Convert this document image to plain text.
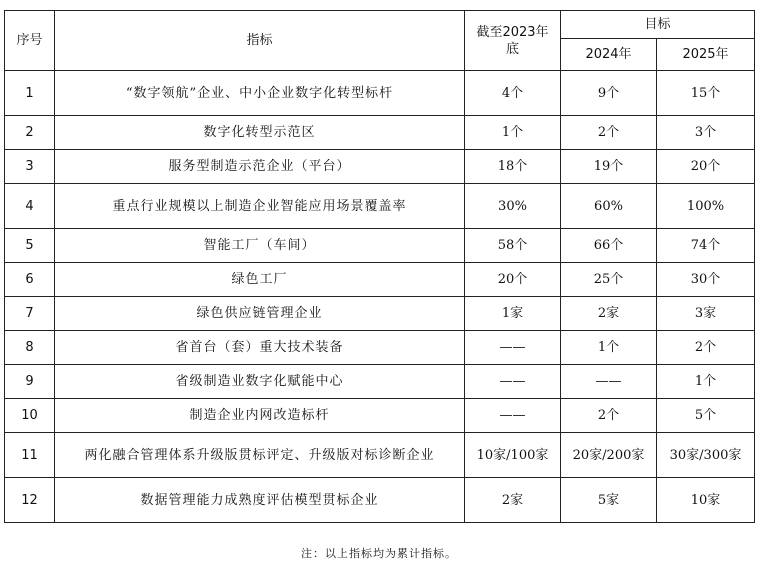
序号	指标	截至2023年底	目标	
			2024年	2025年
1	“数字领航”企业、中小企业数字化转型标杆	4个	9个	15个
2	数字化转型示范区	1个	2个	3个
3	服务型制造示范企业（平台）	18个	19个	20个
4	重点行业规模以上制造企业智能应用场景覆盖率	30%	60%	100%
5	智能工厂（车间）	58个	66个	74个
6	绿色工厂	20个	25个	30个
7	绿色供应链管理企业	1家	2家	3家
8	省首台（套）重大技术装备	——	1个	2个
9	省级制造业数字化赋能中心	——	——	1个
10	制造企业内网改造标杆	——	2个	5个
11	两化融合管理体系升级版贯标评定、升级版对标诊断企业	10家/100家	20家/200家	30家/300家
12	数据管理能力成熟度评估模型贯标企业	2家	5家	10家
注：以上指标均为累计指标。
